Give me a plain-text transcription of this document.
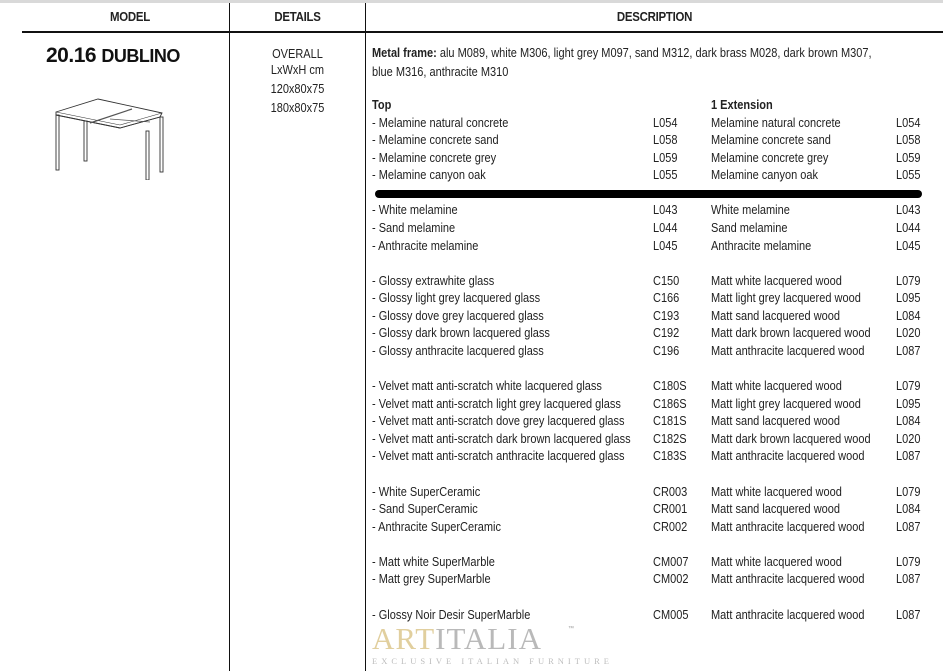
MODEL	DETAILS	DESCRIPTION
20.16 DUBLINO	OVERALL
LxWxH cm
120x80x75
180x80x75
Metal frame: alu M089, white M306, light grey M097, sand M312, dark brass M028, dark brown M307,
blue M316, anthracite M310
Top	1 Extension
- Melamine natural concrete	L054	Melamine natural concrete	L054
- Melamine concrete sand	L058	Melamine concrete sand	L058
- Melamine concrete grey	L059	Melamine concrete grey	L059
- Melamine canyon oak	L055	Melamine canyon oak	L055
- White melamine	L043	White melamine	L043
- Sand melamine	L044	Sand melamine	L044
- Anthracite melamine	L045	Anthracite melamine	L045
- Glossy extrawhite glass	C150	Matt white lacquered wood	L079
- Glossy light grey lacquered glass	C166	Matt light grey lacquered wood	L095
- Glossy dove grey lacquered glass	C193	Matt sand lacquered wood	L084
- Glossy dark brown lacquered glass	C192	Matt dark brown lacquered wood	L020
- Glossy anthracite lacquered glass	C196	Matt anthracite lacquered wood	L087
- Velvet matt anti-scratch white lacquered glass	C180S	Matt white lacquered wood	L079
- Velvet matt anti-scratch light grey lacquered glass	C186S	Matt light grey lacquered wood	L095
- Velvet matt anti-scratch dove grey lacquered glass	C181S	Matt sand lacquered wood	L084
- Velvet matt anti-scratch dark brown lacquered glass	C182S	Matt dark brown lacquered wood	L020
- Velvet matt anti-scratch anthracite lacquered glass	C183S	Matt anthracite lacquered wood	L087
- White SuperCeramic	CR003	Matt white lacquered wood	L079
- Sand SuperCeramic	CR001	Matt sand lacquered wood	L084
- Anthracite SuperCeramic	CR002	Matt anthracite lacquered wood	L087
- Matt white SuperMarble	CM007	Matt white lacquered wood	L079
- Matt grey SuperMarble	CM002	Matt anthracite lacquered wood	L087
- Glossy Noir Desir SuperMarble	CM005	Matt anthracite lacquered wood	L087
ARTITALIA	™
EXCLUSIVE ITALIAN FURNITURE
